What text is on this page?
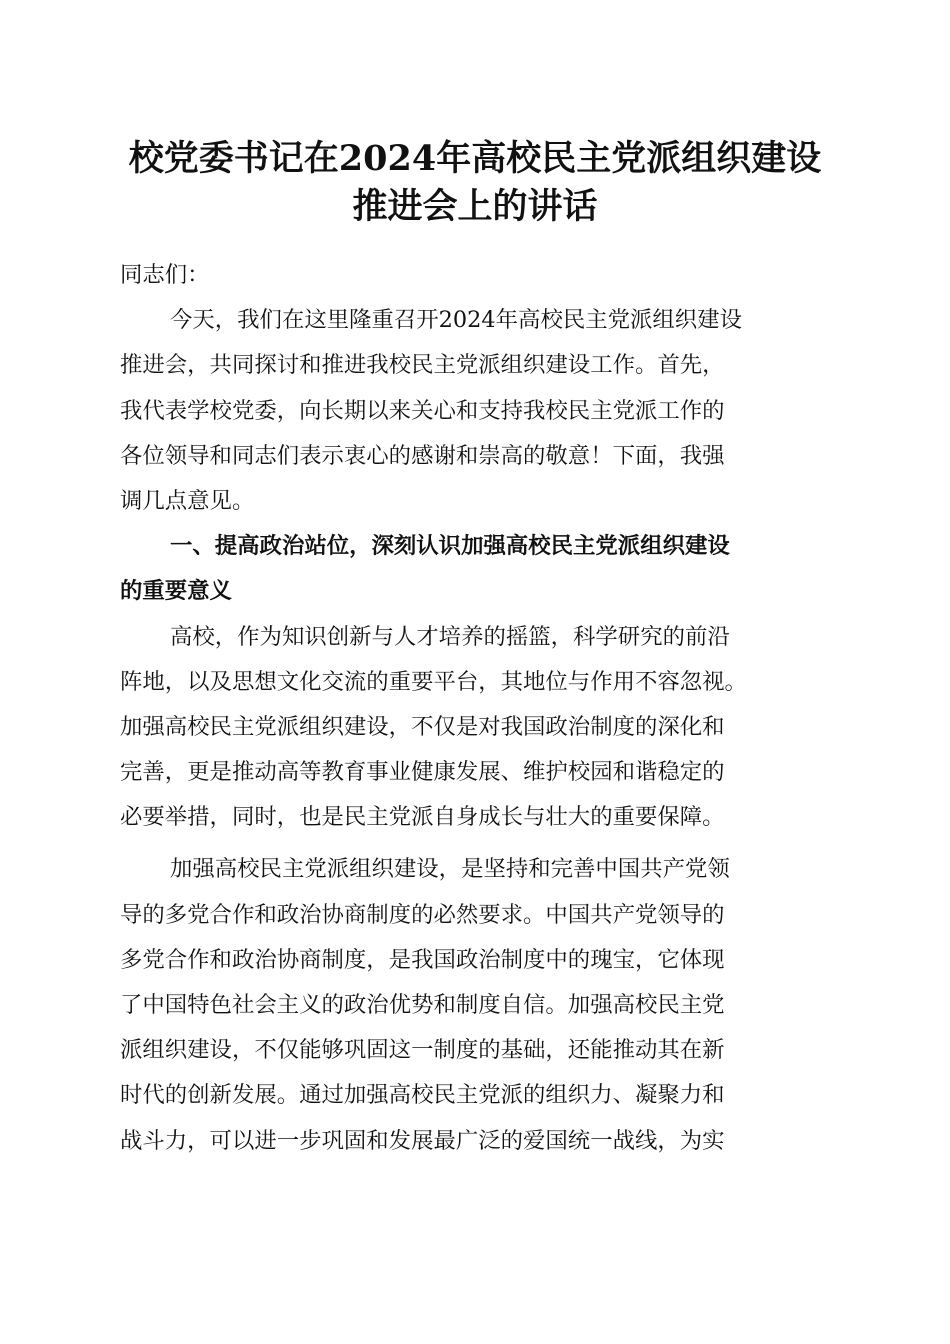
校党委书记在2024年高校民主党派组织建设
推进会上的讲话
同志们：
今天，我们在这里隆重召开2024年高校民主党派组织建设
推进会，共同探讨和推进我校民主党派组织建设工作。首先，
我代表学校党委，向长期以来关心和支持我校民主党派工作的
各位领导和同志们表示衷心的感谢和崇高的敬意！下面，我强
调几点意见。
一、提高政治站位，深刻认识加强高校民主党派组织建设
的重要意义
高校，作为知识创新与人才培养的摇篮，科学研究的前沿
阵地，以及思想文化交流的重要平台，其地位与作用不容忽视。
加强高校民主党派组织建设，不仅是对我国政治制度的深化和
完善，更是推动高等教育事业健康发展、维护校园和谐稳定的
必要举措，同时，也是民主党派自身成长与壮大的重要保障。
加强高校民主党派组织建设，是坚持和完善中国共产党领
导的多党合作和政治协商制度的必然要求。中国共产党领导的
多党合作和政治协商制度，是我国政治制度中的瑰宝，它体现
了中国特色社会主义的政治优势和制度自信。加强高校民主党
派组织建设，不仅能够巩固这一制度的基础，还能推动其在新
时代的创新发展。通过加强高校民主党派的组织力、凝聚力和
战斗力，可以进一步巩固和发展最广泛的爱国统一战线，为实
